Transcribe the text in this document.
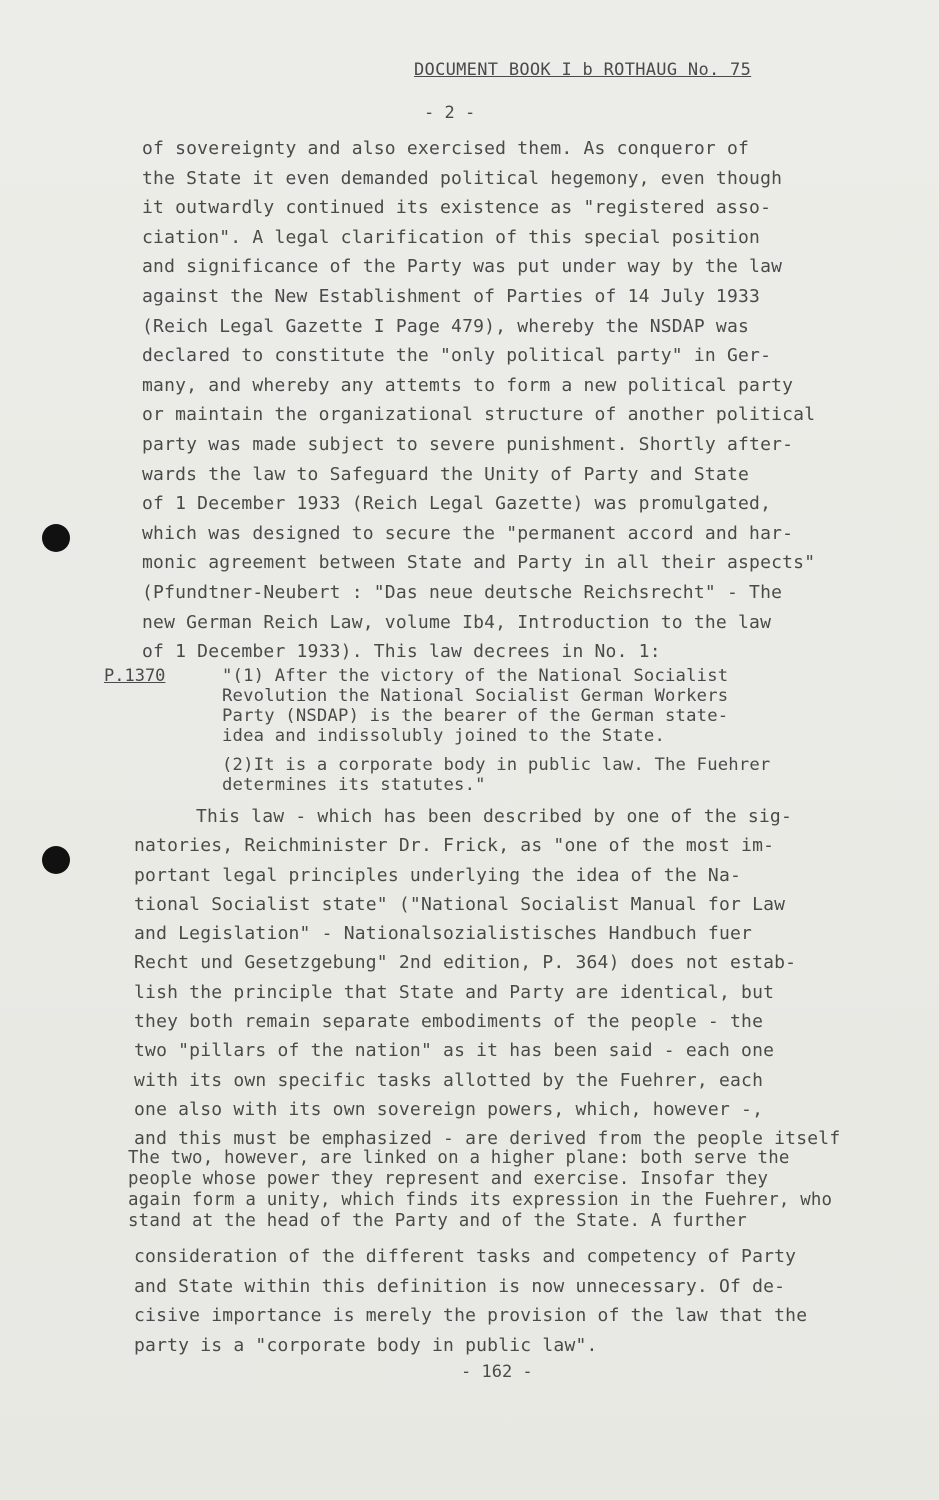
DOCUMENT BOOK I b ROTHAUG No. 75
- 2 -
of sovereignty and also exercised them. As conqueror of
the State it even demanded political hegemony, even though
it outwardly continued its existence as "registered asso-
ciation". A legal clarification of this special position
and significance of the Party was put under way by the law
against the New Establishment of Parties of 14 July 1933
(Reich Legal Gazette I Page 479), whereby the NSDAP was
declared to constitute the "only political party" in Ger-
many, and whereby any attemts to form a new political party
or maintain the organizational structure of another political
party was made subject to severe punishment. Shortly after-
wards the law to Safeguard the Unity of Party and State
of 1 December 1933 (Reich Legal Gazette) was promulgated,
which was designed to secure the "permanent accord and har-
monic agreement between State and Party in all their aspects"
(Pfundtner-Neubert : "Das neue deutsche Reichsrecht" - The
new German Reich Law, volume Ib4, Introduction to the law
of 1 December 1933). This law decrees in No. 1:
P.1370	"(1) After the victory of the National Socialist
Revolution the National Socialist German Workers
Party (NSDAP) is the bearer of the German state-
idea and indissolubly joined to the State.
(2)It is a corporate body in public law. The Fuehrer
determines its statutes."
This law - which has been described by one of the sig-
natories, Reichminister Dr. Frick, as "one of the most im-
portant legal principles underlying the idea of the Na-
tional Socialist state" ("National Socialist Manual for Law
and Legislation" - Nationalsozialistisches Handbuch fuer
Recht und Gesetzgebung" 2nd edition, P. 364) does not estab-
lish the principle that State and Party are identical, but
they both remain separate embodiments of the people - the
two "pillars of the nation" as it has been said - each one
with its own specific tasks allotted by the Fuehrer, each
one also with its own sovereign powers, which, however -,
and this must be emphasized - are derived from the people itself
The two, however, are linked on a higher plane: both serve the
people whose power they represent and exercise. Insofar they
again form a unity, which finds its expression in the Fuehrer, who
stand at the head of the Party and of the State. A further
consideration of the different tasks and competency of Party
and State within this definition is now unnecessary. Of de-
cisive importance is merely the provision of the law that the
party is a "corporate body in public law".
- 162 -
